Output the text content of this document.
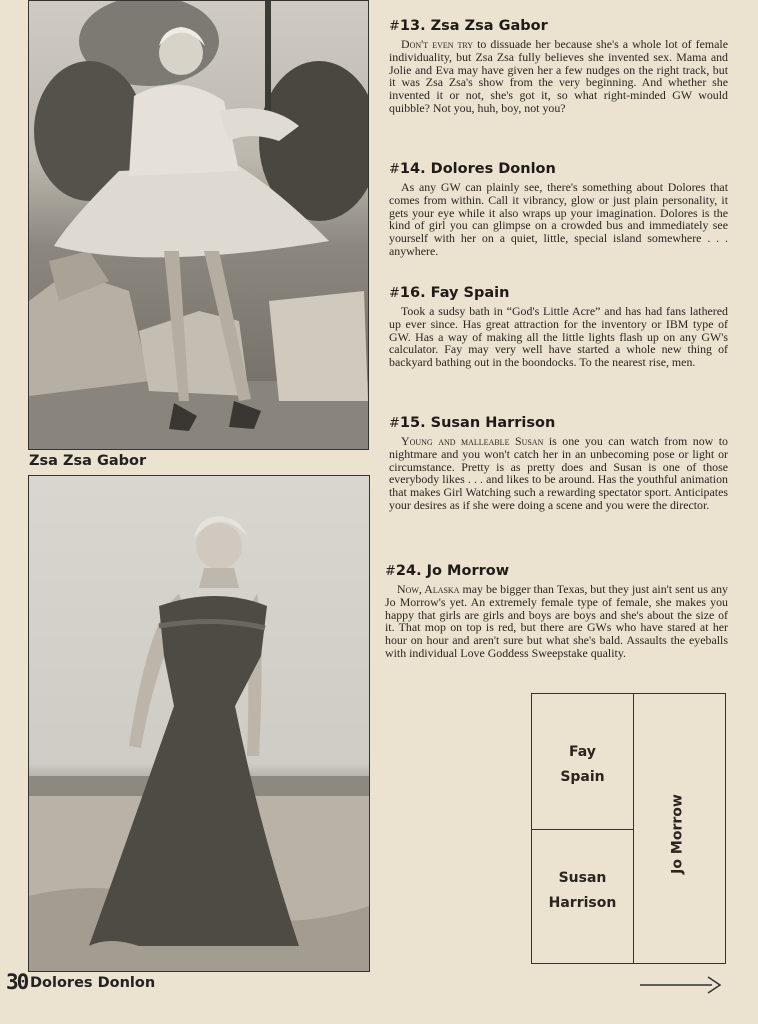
Zsa Zsa Gabor

Dolores Donlon

30
#13. Zsa Zsa Gabor

Don't even try to dissuade her because she's a whole lot of female individuality, but Zsa Zsa fully believes she invented sex. Mama and Jolie and Eva may have given her a few nudges on the right track, but it was Zsa Zsa's show from the very beginning. And whether she invented it or not, she's got it, so what right-minded GW would quibble? Not you, huh, boy, not you?

#14. Dolores Donlon

As any GW can plainly see, there's something about Dolores that comes from within. Call it vibrancy, glow or just plain personality, it gets your eye while it also wraps up your imagination. Dolores is the kind of girl you can glimpse on a crowded bus and immediately see yourself with her on a quiet, little, special island somewhere . . . anywhere.

#16. Fay Spain

Took a sudsy bath in “God's Little Acre” and has had fans lathered up ever since. Has great attraction for the inventory or IBM type of GW. Has a way of making all the little lights flash up on any GW's calculator. Fay may very well have started a whole new thing of backyard bathing out in the boondocks. To the nearest rise, men.

#15. Susan Harrison

Young and malleable Susan is one you can watch from now to nightmare and you won't catch her in an unbecoming pose or light or circumstance. Pretty is as pretty does and Susan is one of those everybody likes . . . and likes to be around. Has the youthful animation that makes Girl Watching such a rewarding spectator sport. Anticipates your desires as if she were doing a scene and you were the director.

#24. Jo Morrow

Now, Alaska may be bigger than Texas, but they just ain't sent us any Jo Morrow's yet. An extremely female type of female, she makes you happy that girls are girls and boys are boys and she's about the size of it. That mop on top is red, but there are GWs who have stared at her hour on hour and aren't sure but what she's bald. Assaults the eyeballs with individual Love Goddess Sweepstake quality.

Fay
Spain

Susan
Harrison

Jo Morrow
